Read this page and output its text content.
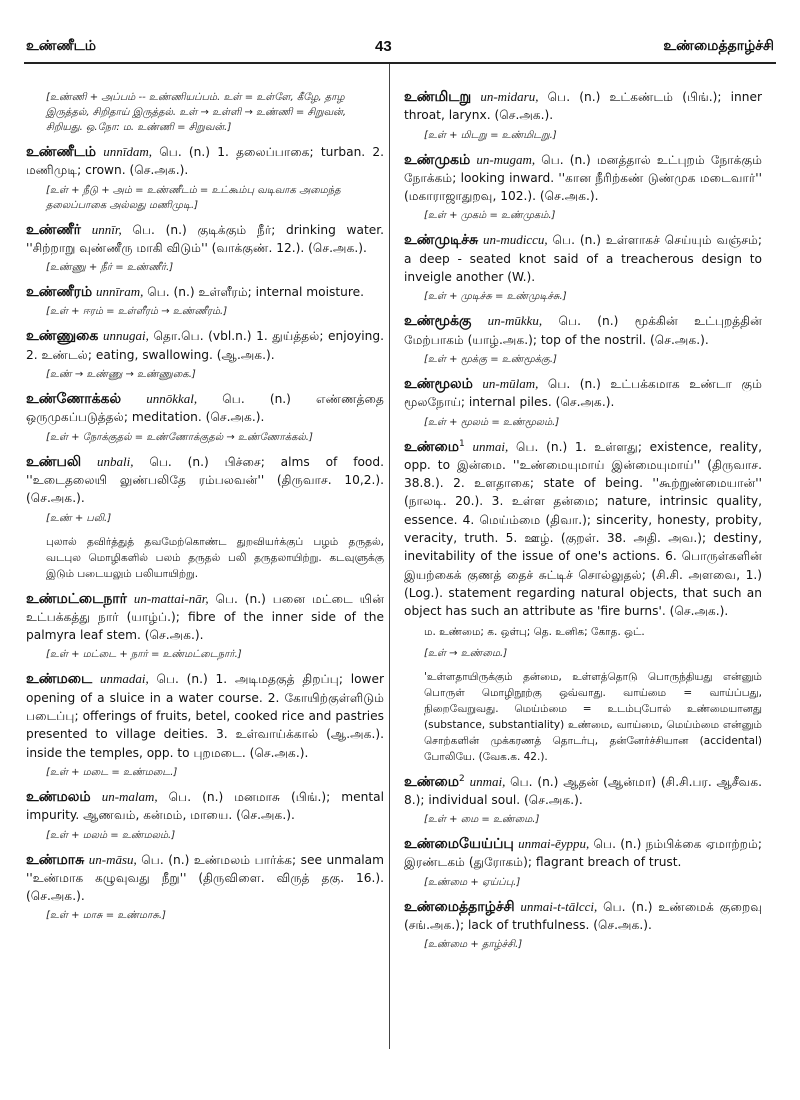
உண்ணீடம்	43	உண்மைத்தாழ்ச்சி
[உண்ணி + அப்பம் -- உண்ணியப்பம். உள் = உள்ளே, கீழே, தாழ இருத்தல், சிறிதாய் இருத்தல். உள் → உள்ளி → உண்ணி = சிறுவன், சிறியது. ஒ.நோ: ம. உண்ணி = சிறுவன்.]
உண்ணீடம் unnīdam, பெ. (n.) 1. தலைப்பாகை; turban. 2. மணிமுடி; crown. (செ.அக.).
[உள் + நீடு + அம் = உண்ணீடம் = உட்கூம்பு வடிவாக அமைந்த தலைப்பாகை அல்லது மணிமுடி.]
உண்ணீர் unnīr, பெ. (n.) குடிக்கும் நீர்; drinking water. ''சிற்றாறு வுண்ணீரு மாகி விடும்'' (வாக்குண். 12.). (செ.அக.).
[உண்ணு + நீர் = உண்ணீர்.]
உண்ணீரம் unnīram, பெ. (n.) உள்ளீரம்; internal moisture.
[உள் + ஈரம் = உள்ளீரம் → உண்ணீரம்.]
உண்ணுகை unnugai, தொ.பெ. (vbl.n.) 1. துய்த்தல்; enjoying. 2. உண்டல்; eating, swallowing. (ஆ.அக.).
[உண் → உண்ணு → உண்ணுகை.]
உண்ணோக்கல் unnōkkal, பெ. (n.) எண்ணத்தை ஒருமுகப்படுத்தல்; meditation. (செ.அக.).
[உள் + நோக்குதல் = உண்ணோக்குதல் → உண்ணோக்கல்.]
உண்பலி unbali, பெ. (n.) பிச்சை; alms of food. ''உடைதலையி லுண்பலிதே ரம்பலவன்'' (திருவாச. 10,2.). (செ.அக.).
[உண் + பலி.]
புலால் தவிர்த்துத் தவமேற்கொண்ட துறவியர்க்குப் பழம் தருதல், வடபுல மொழிகளில் பலம் தருதல் பலி தருதலாயிற்று. கடவுளுக்கு இடும் படையலும் பலியாயிற்று.
உண்மட்டைநார் un-mattai-nār, பெ. (n.) பனை மட்டை யின் உட்பக்கத்து நார் (யாழ்ப்.); fibre of the inner side of the palmyra leaf stem. (செ.அக.).
[உள் + மட்டை + நார் = உண்மட்டைநார்.]
உண்மடை unmadai, பெ. (n.) 1. அடிமதகுத் திறப்பு; lower opening of a sluice in a water course. 2. கோயிற்குள்ளிடும் படைப்பு; offerings of fruits, betel, cooked rice and pastries presented to village deities. 3. உள்வாய்க்கால் (ஆ.அக.). inside the temples, opp. to புறமடை. (செ.அக.).
[உள் + மடை = உண்மடை.]
உண்மலம் un-malam, பெ. (n.) மனமாசு (பிங்.); mental impurity. ஆணவம், கன்மம், மாயை. (செ.அக.).
[உள் + மலம் = உண்மலம்.]
உண்மாசு un-māsu, பெ. (n.) உண்மலம் பார்க்க; see unmalam ''உண்மாக கழுவுவது நீறு'' (திருவிளை. விருத் தகு. 16.). (செ.அக.).
[உள் + மாசு = உண்மாசு.]
உண்மிடறு un-midaru, பெ. (n.) உட்கண்டம் (பிங்.); inner throat, larynx. (செ.அக.).
[உள் + மிடறு = உண்மிடறு.]
உண்முகம் un-mugam, பெ. (n.) மனத்தால் உட்புறம் நோக்கும் நோக்கம்; looking inward. ''கான நீரிற்கண் டுண்முக மடைவார்'' (மகாராஜாதுறவு, 102.). (செ.அக.).
[உள் + முகம் = உண்முகம்.]
உண்முடிச்சு un-mudiccu, பெ. (n.) உள்ளாகச் செய்யும் வஞ்சம்; a deep - seated knot said of a treacherous design to inveigle another (W.).
[உள் + முடிச்சு = உண்முடிச்சு.]
உண்மூக்கு un-mūkku, பெ. (n.) மூக்கின் உட்புறத்தின் மேற்பாகம் (யாழ்.அக.); top of the nostril. (செ.அக.).
[உள் + மூக்கு = உண்மூக்கு.]
உண்மூலம் un-mūlam, பெ. (n.) உட்பக்கமாக உண்டா கும் மூலநோய்; internal piles. (செ.அக.).
[உள் + மூலம் = உண்மூலம்.]
உண்மை$^1$ unmai, பெ. (n.) 1. உள்ளது; existence, reality, opp. to இன்மை. ''உண்மையுமாய் இன்மையுமாய்'' (திருவாச. 38.8.). 2. உளதாகை; state of being. ''கூற்றுண்மையான்'' (நாலடி. 20.). 3. உள்ள தன்மை; nature, intrinsic quality, essence. 4. மெய்ம்மை (திவா.); sincerity, honesty, probity, veracity, truth. 5. ஊழ். (குறள். 38. அதி. அவ.); destiny, inevitability of the issue of one's actions. 6. பொருள்களின் இயற்கைக் குணத் தைச் சுட்டிச் சொல்லுதல்; (சி.சி. அளவை, 1.) (Log.). statement regarding natural objects, that such an object has such an attribute as 'fire burns'. (செ.அக.).
ம. உண்மை; க. ஒள்பு; தெ. உனிக; கோத. ஒட்.
[உள் → உண்மை.]
'உள்ளதாயிருக்கும் தன்மை, உள்ளத்தொடு பொருந்தியது என்னும் பொருள் மொழிநூற்கு ஒவ்வாது. வாய்மை = வாய்ப்பது, நிறைவேறுவது. மெய்ம்மை = உடம்புபோல் உண்மையானது (substance, substantiality) உண்மை, வாய்மை, மெய்ம்மை என்னும் சொற்களின் முக்கரணத் தொடர்பு, தன்னேர்ச்சியான (accidental) போலியே. (வேக.க. 42.).
உண்மை$^2$ unmai, பெ. (n.) ஆதன் (ஆன்மா) (சி.சி.பர. ஆசீவக. 8.); individual soul. (செ.அக.).
[உள் + மை = உண்மை.]
உண்மையேய்ப்பு unmai-ēyppu, பெ. (n.) நம்பிக்கை ஏமாற்றம்; இரண்டகம் (துரோகம்); flagrant breach of trust.
[உண்மை + ஏய்ப்பு.]
உண்மைத்தாழ்ச்சி unmai-t-tālcci, பெ. (n.) உண்மைக் குறைவு (சங்.அக.); lack of truthfulness. (செ.அக.).
[உண்மை + தாழ்ச்சி.]
